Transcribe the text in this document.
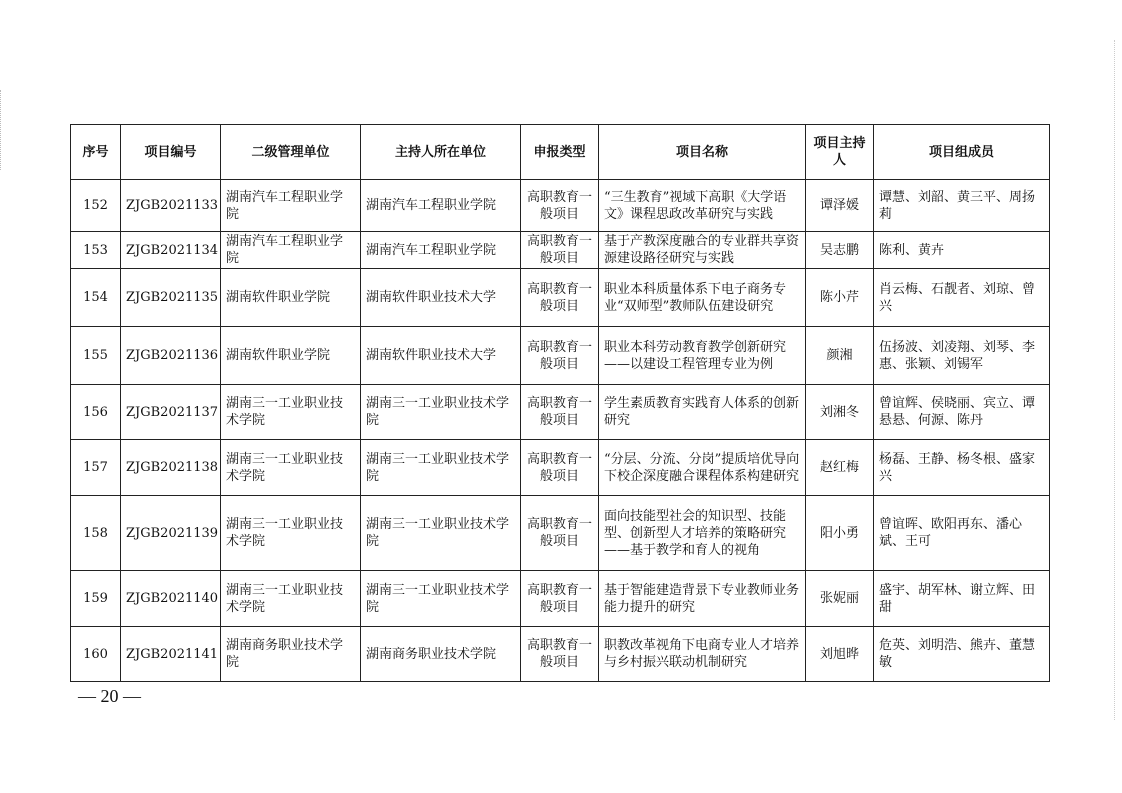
序号	项目编号	二级管理单位	主持人所在单位	申报类型	项目名称	项目主持人	项目组成员
152	ZJGB2021133	湖南汽车工程职业学院	湖南汽车工程职业学院	高职教育一般项目	“三生教育”视域下高职《大学语文》课程思政改革研究与实践	谭泽媛	谭慧、刘韶、黄三平、周扬莉
153	ZJGB2021134	湖南汽车工程职业学院	湖南汽车工程职业学院	高职教育一般项目	基于产教深度融合的专业群共享资源建设路径研究与实践	吴志鹏	陈利、黄卉
154	ZJGB2021135	湖南软件职业学院	湖南软件职业技术大学	高职教育一般项目	职业本科质量体系下电子商务专业“双师型”教师队伍建设研究	陈小芹	肖云梅、石靓者、刘琼、曾兴
155	ZJGB2021136	湖南软件职业学院	湖南软件职业技术大学	高职教育一般项目	职业本科劳动教育教学创新研究——以建设工程管理专业为例	颜湘	伍扬波、刘凌翔、刘琴、李惠、张颖、刘锡军
156	ZJGB2021137	湖南三一工业职业技术学院	湖南三一工业职业技术学院	高职教育一般项目	学生素质教育实践育人体系的创新研究	刘湘冬	曾谊辉、侯晓丽、宾立、谭悬悬、何源、陈丹
157	ZJGB2021138	湖南三一工业职业技术学院	湖南三一工业职业技术学院	高职教育一般项目	“分层、分流、分岗”提质培优导向下校企深度融合课程体系构建研究	赵红梅	杨磊、王静、杨冬根、盛家兴
158	ZJGB2021139	湖南三一工业职业技术学院	湖南三一工业职业技术学院	高职教育一般项目	面向技能型社会的知识型、技能型、创新型人才培养的策略研究——基于教学和育人的视角	阳小勇	曾谊晖、欧阳再东、潘心斌、王可
159	ZJGB2021140	湖南三一工业职业技术学院	湖南三一工业职业技术学院	高职教育一般项目	基于智能建造背景下专业教师业务能力提升的研究	张妮丽	盛宇、胡军林、谢立辉、田甜
160	ZJGB2021141	湖南商务职业技术学院	湖南商务职业技术学院	高职教育一般项目	职教改革视角下电商专业人才培养与乡村振兴联动机制研究	刘旭晔	危英、刘明浩、熊卉、董慧敏
— 20 —
